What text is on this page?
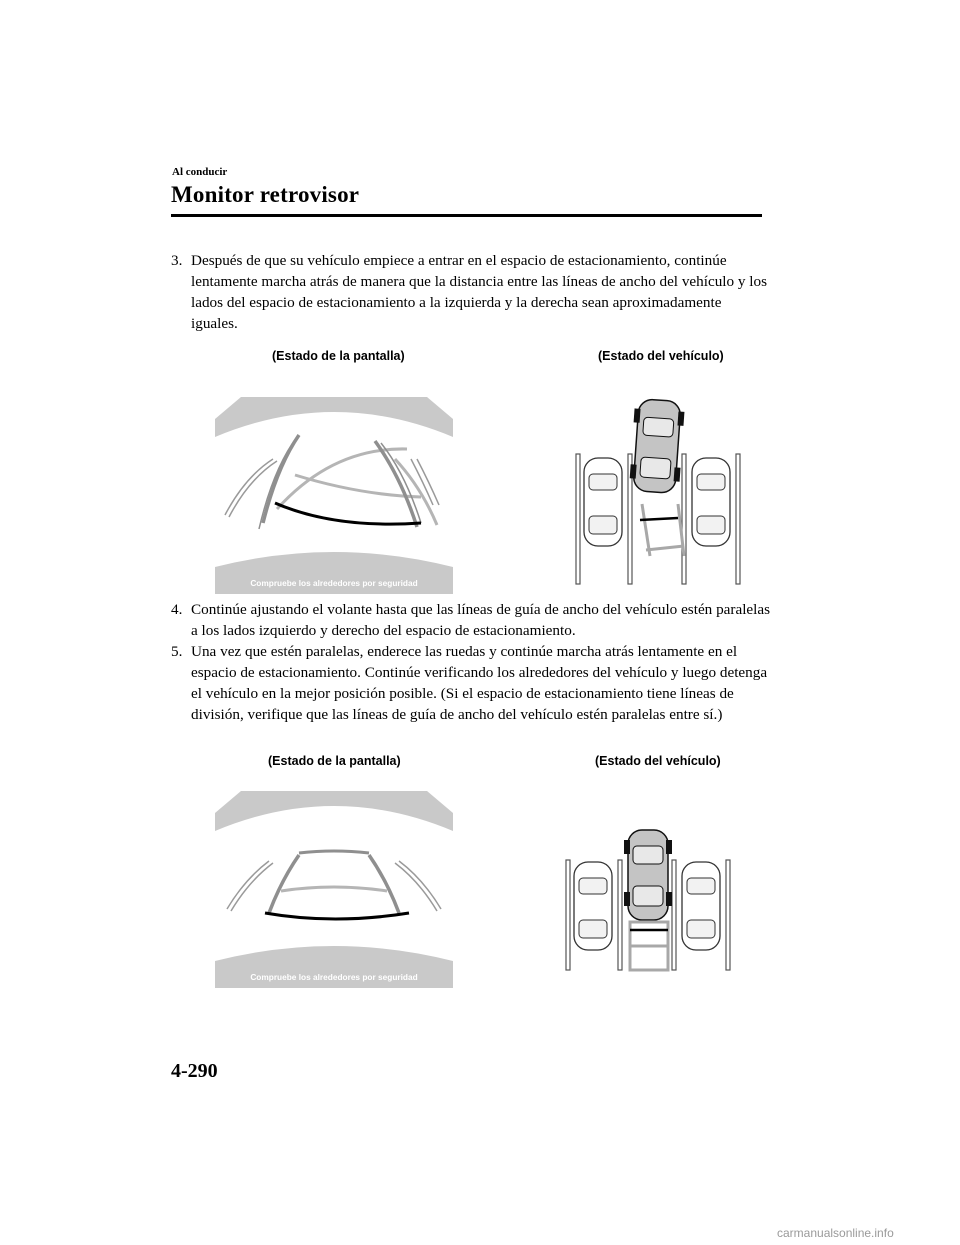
Al conducir
Monitor retrovisor
3. Después de que su vehículo empiece a entrar en el espacio de estacionamiento, continúe lentamente marcha atrás de manera que la distancia entre las líneas de ancho del vehículo y los lados del espacio de estacionamiento a la izquierda y la derecha sean aproximadamente iguales.
(Estado de la pantalla)	(Estado del vehículo)
Compruebe los alrededores por seguridad
4. Continúe ajustando el volante hasta que las líneas de guía de ancho del vehículo estén paralelas a los lados izquierdo y derecho del espacio de estacionamiento.
5. Una vez que estén paralelas, enderece las ruedas y continúe marcha atrás lentamente en el espacio de estacionamiento. Continúe verificando los alrededores del vehículo y luego detenga el vehículo en la mejor posición posible. (Si el espacio de estacionamiento tiene líneas de división, verifique que las líneas de guía de ancho del vehículo estén paralelas entre sí.)
(Estado de la pantalla)	(Estado del vehículo)
Compruebe los alrededores por seguridad
4-290
carmanualsonline.info
